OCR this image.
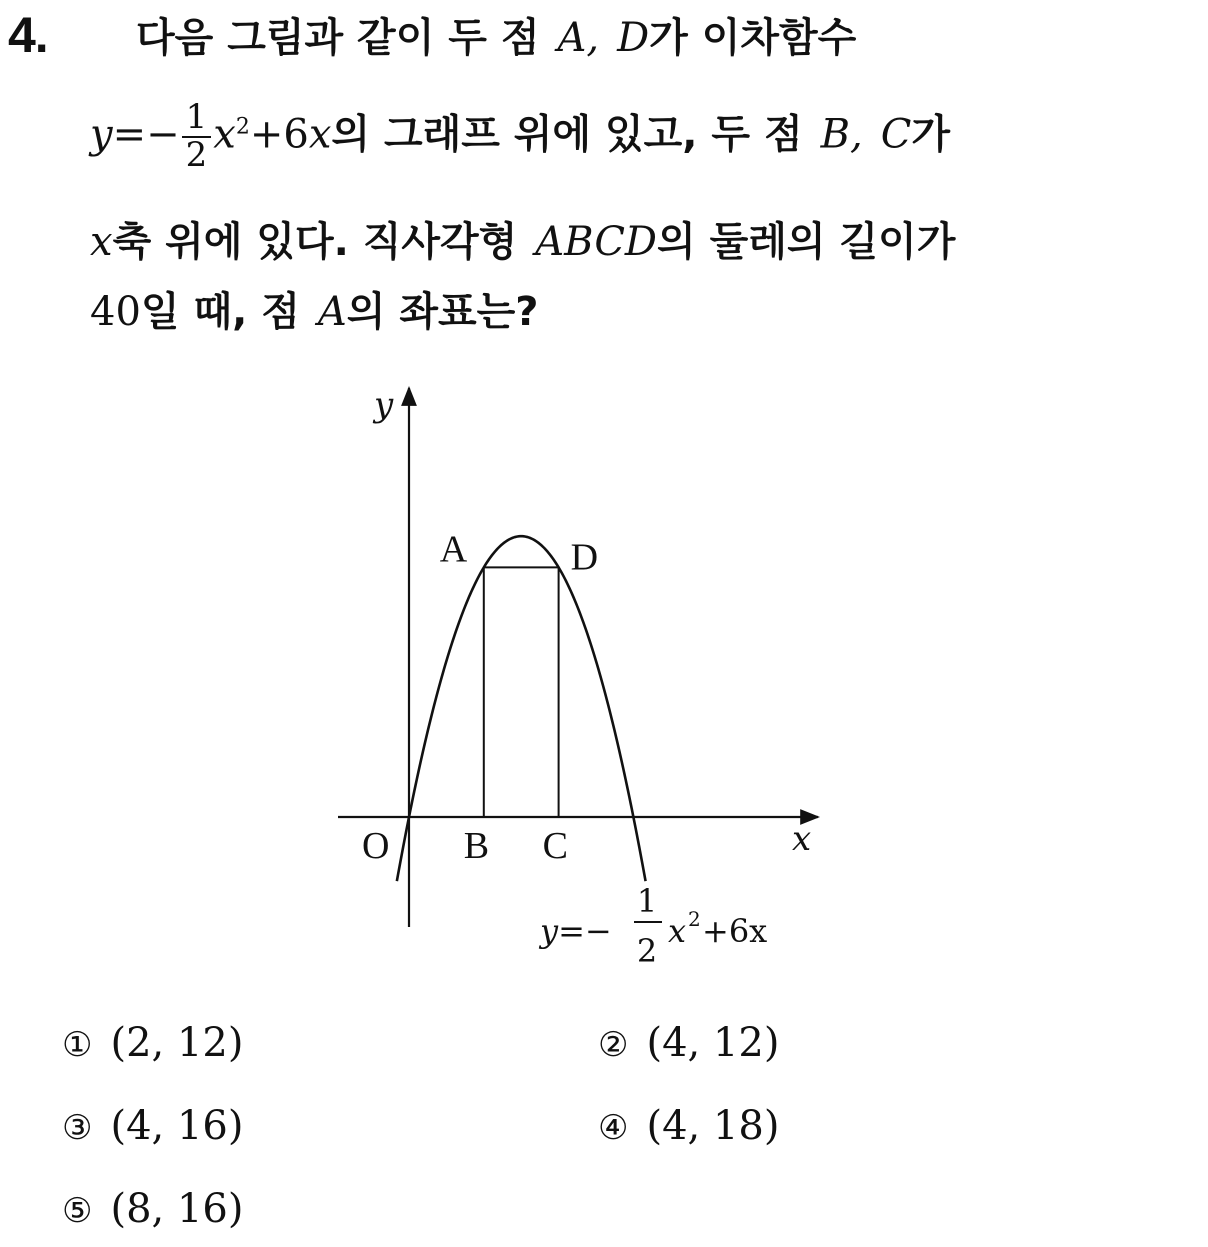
4. 다음 그림과 같이 두 점 A, D가 이차함수
$y=- \frac{1}{2} x^2+6x$의 그래프 위에 있고, 두 점 B, C가
x축 위에 있다. 직사각형 ABCD의 둘레의 길이가
40일 때, 점 A의 좌표는?
y
x
O
A	D
B C
y=−
1
2
x 2 +6x
① (2, 12)	② (4, 12)
③ (4, 16)	④ (4, 18)
⑤ (8, 16)
